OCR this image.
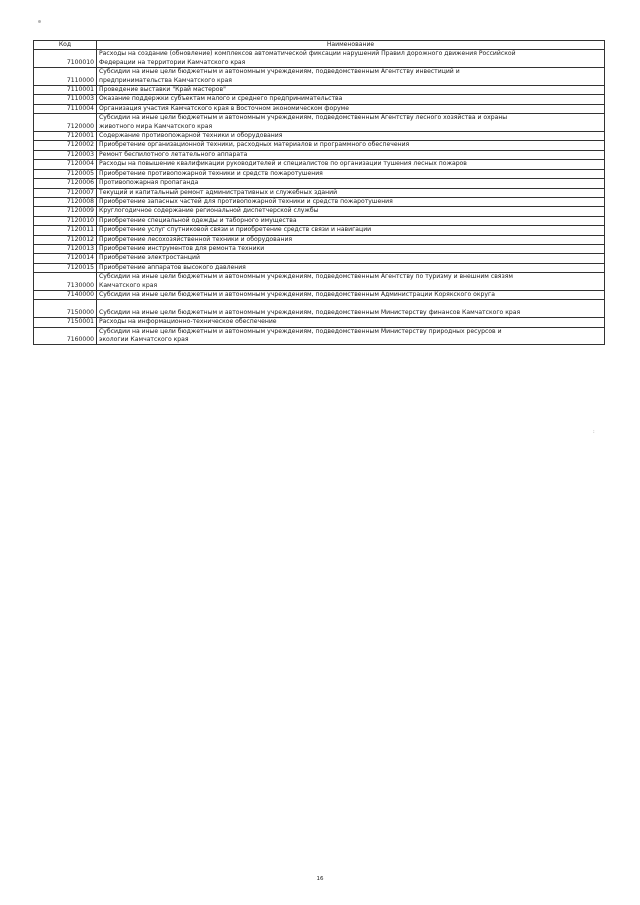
Код	Наименование
7100010	Расходы на создание (обновление) комплексов автоматической фиксации нарушений Правил дорожного движения Российской
Федерации на территории Камчатского края

7110000	Субсидии на иные цели бюджетным и автономным учреждениям, подведомственным Агентству инвестиций и
предпринимательства Камчатского края

7110001	Проведение выставки "Край мастеров"

7110003	Оказание поддержки субъектам малого и среднего предпринимательства

7110004	Организация участия Камчатского края в Восточном экономическом форуме

7120000	Субсидии на иные цели бюджетным и автономным учреждениям, подведомственным Агентству лесного хозяйства и охраны
животного мира Камчатского края

7120001	Содержание противопожарной техники и оборудования

7120002	Приобретение организационной техники, расходных материалов и программного обеспечения

7120003	Ремонт беспилотного летательного аппарата

7120004	Расходы на повышение квалификации руководителей и специалистов по организации тушения лесных пожаров

7120005	Приобретение противопожарной техники и средств пожаротушения

7120006	Противопожарная пропаганда

7120007	Текущий и капитальный ремонт административных и служебных зданий

7120008	Приобретение запасных частей для противопожарной техники и средств пожаротушения

7120009	Круглогодичное содержание региональной диспетчерской службы

7120010	Приобретение специальной одежды и таборного имущества

7120011	Приобретение услуг спутниковой связи и приобретение средств связи и навигации

7120012	Приобретение лесохозяйственной техники и оборудования

7120013	Приобретение инструментов для ремонта техники

7120014	Приобретение электростанций

7120015	Приобретение аппаратов высокого давления

7130000	Субсидии на иные цели бюджетным и автономным учреждениям, подведомственным Агентству по туризму и внешним связям
Камчатского края

7140000	Субсидии на иные цели бюджетным и автономным учреждениям, подведомственным Администрации Корякского округа

7150000	Субсидии на иные цели бюджетным и автономным учреждениям, подведомственным Министерству финансов Камчатского края

7150001	Расходы на информационно-техническое обеспечение

7160000	Субсидии на иные цели бюджетным и автономным учреждениям, подведомственным Министерству природных ресурсов и
экологии Камчатского края
:
16
